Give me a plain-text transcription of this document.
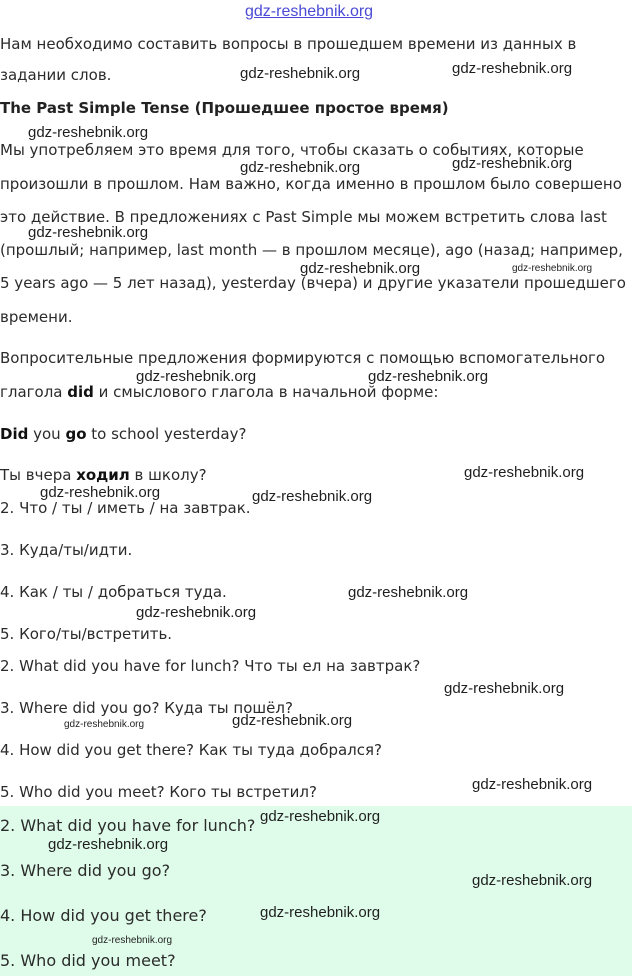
gdz-reshebnik.org
gdz-reshebnik.org	gdz-reshebnik.org
gdz-reshebnik.org
gdz-reshebnik.org	gdz-reshebnik.org
gdz-reshebnik.org
gdz-reshebnik.org	gdz-reshebnik.org
gdz-reshebnik.org	gdz-reshebnik.org
gdz-reshebnik.org
gdz-reshebnik.org	gdz-reshebnik.org
gdz-reshebnik.org
gdz-reshebnik.org
gdz-reshebnik.org
gdz-reshebnik.org	gdz-reshebnik.org
gdz-reshebnik.org
gdz-reshebnik.org
gdz-reshebnik.org
gdz-reshebnik.org
gdz-reshebnik.org
gdz-reshebnik.org
Нам необходимо составить вопросы в прошедшем времени из данных в
задании слов.
The Past Simple Tense (Прошедшее простое время)
Мы употребляем это время для того, чтобы сказать о событиях, которые
произошли в прошлом. Нам важно, когда именно в прошлом было совершено
это действие. В предложениях с Past Simple мы можем встретить слова last
(прошлый; например, last month — в прошлом месяце), ago (назад; например,
5 years ago — 5 лет назад), yesterday (вчера) и другие указатели прошедшего
времени.
Вопросительные предложения формируются с помощью вспомогательного
глагола did и смыслового глагола в начальной форме:
Did you go to school yesterday?
Ты вчера ходил в школу?
2. Что / ты / иметь / на завтрак.
3. Куда/ты/идти.
4. Как / ты / добраться туда.
5. Кого/ты/встретить.
2. What did you have for lunch? Что ты ел на завтрак?
3. Where did you go? Куда ты пошёл?
4. How did you get there? Как ты туда добрался?
5. Who did you meet? Кого ты встретил?
2. What did you have for lunch?
3. Where did you go?
4. How did you get there?
5. Who did you meet?
